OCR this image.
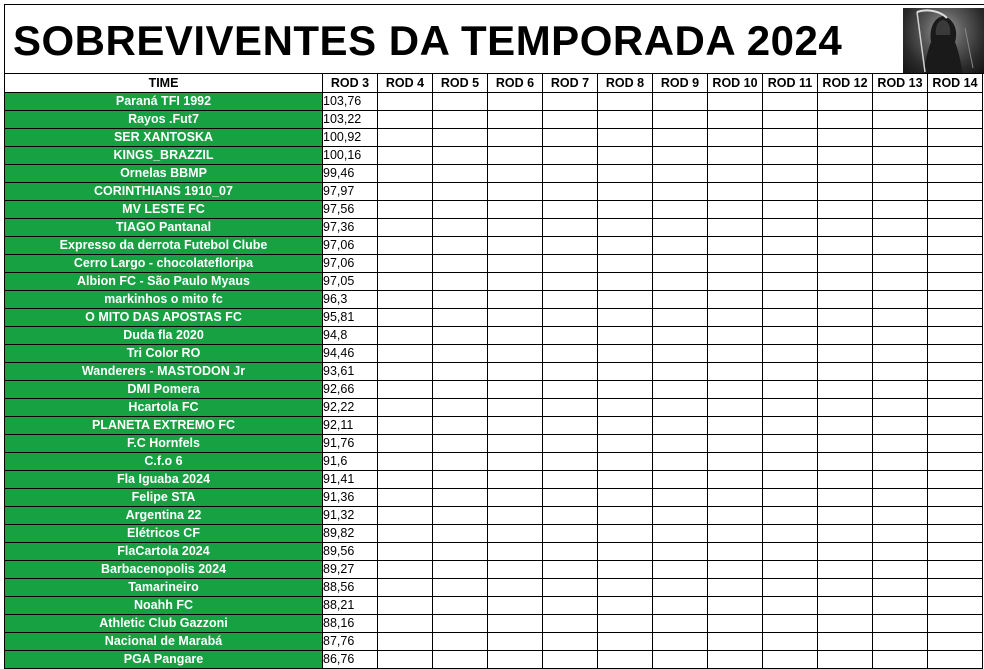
SOBREVIVENTES DA TEMPORADA 2024
TIME	ROD 3	ROD 4	ROD 5	ROD 6	ROD 7	ROD 8	ROD 9	ROD 10	ROD 11	ROD 12	ROD 13	ROD 14
Paraná TFI 1992	103,76											
Rayos .Fut7	103,22											
SER XANTOSKA	100,92											
KINGS_BRAZZIL	100,16											
Ornelas BBMP	99,46											
CORINTHIANS 1910_07	97,97											
MV LESTE FC	97,56											
TIAGO Pantanal	97,36											
Expresso da derrota Futebol Clube	97,06											
Cerro Largo - chocolatefloripa	97,06											
Albion FC - São Paulo Myaus	97,05											
markinhos o mito fc	96,3											
O MITO DAS APOSTAS FC	95,81											
Duda fla 2020	94,8											
Tri Color RO	94,46											
Wanderers - MASTODON Jr	93,61											
DMI Pomera	92,66											
Hcartola FC	92,22											
PLANETA EXTREMO FC	92,11											
F.C Hornfels	91,76											
C.f.o 6	91,6											
Fla Iguaba 2024	91,41											
Felipe STA	91,36											
Argentina 22	91,32											
Elétricos CF	89,82											
FlaCartola 2024	89,56											
Barbacenopolis 2024	89,27											
Tamarineiro	88,56											
Noahh FC	88,21											
Athletic Club Gazzoni	88,16											
Nacional de Marabá	87,76											
PGA Pangare	86,76											
